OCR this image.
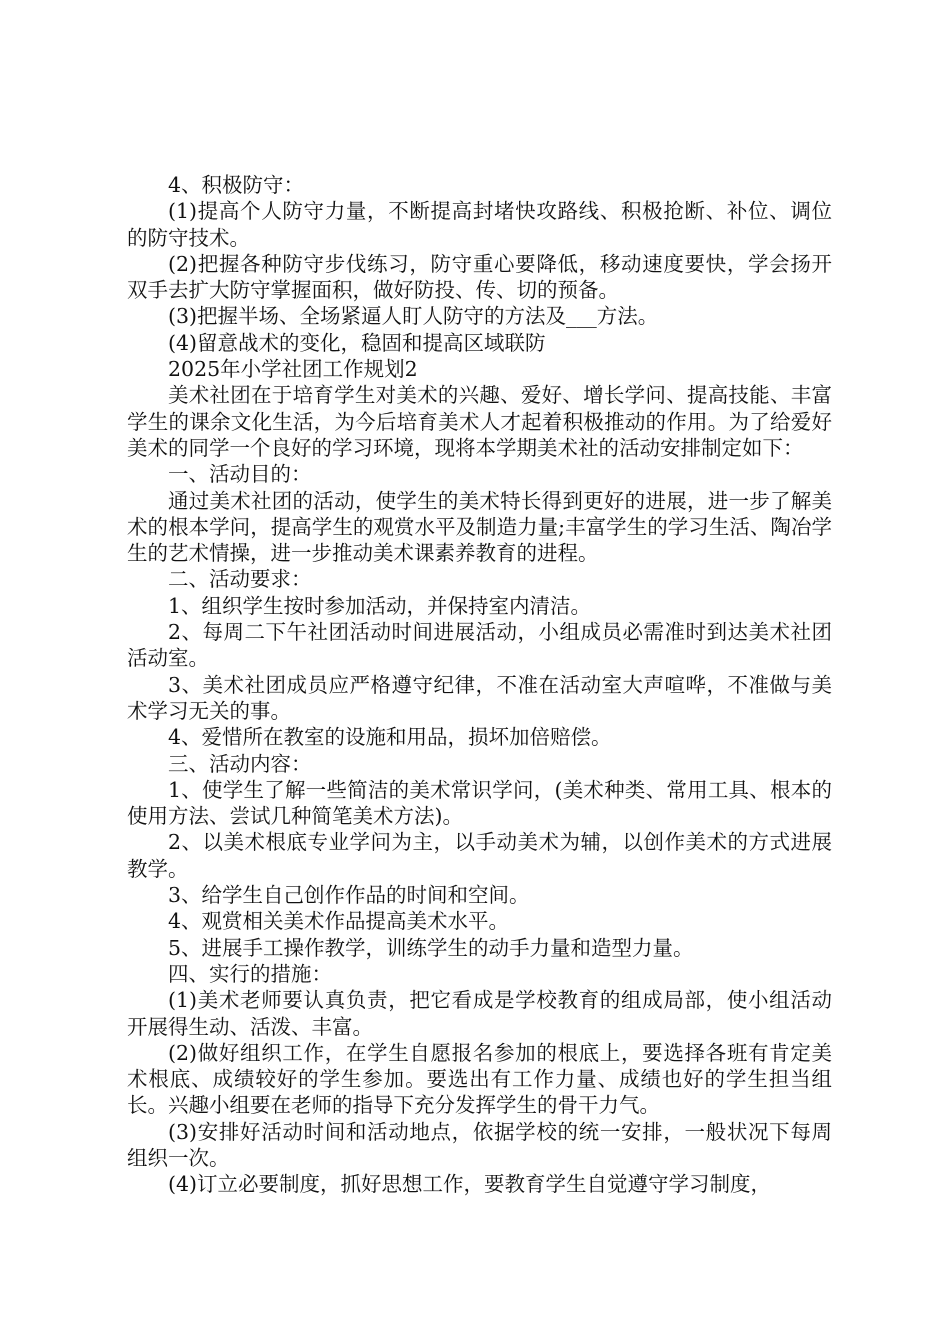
4、积极防守：

(1)提高个人防守力量，不断提高封堵快攻路线、积极抢断、补位、调位的防守技术。

(2)把握各种防守步伐练习，防守重心要降低，移动速度要快，学会扬开双手去扩大防守掌握面积，做好防投、传、切的预备。

(3)把握半场、全场紧逼人盯人防守的方法及___方法。

(4)留意战术的变化，稳固和提高区域联防

2025年小学社团工作规划2

美术社团在于培育学生对美术的兴趣、爱好、增长学问、提高技能、丰富学生的课余文化生活，为今后培育美术人才起着积极推动的作用。为了给爱好美术的同学一个良好的学习环境，现将本学期美术社的活动安排制定如下：

一、活动目的：

通过美术社团的活动，使学生的美术特长得到更好的进展，进一步了解美术的根本学问，提高学生的观赏水平及制造力量;丰富学生的学习生活、陶冶学生的艺术情操，进一步推动美术课素养教育的进程。

二、活动要求：

1、组织学生按时参加活动，并保持室内清洁。

2、每周二下午社团活动时间进展活动，小组成员必需准时到达美术社团活动室。

3、美术社团成员应严格遵守纪律，不准在活动室大声喧哗，不准做与美术学习无关的事。

4、爱惜所在教室的设施和用品，损坏加倍赔偿。

三、活动内容：

1、使学生了解一些简洁的美术常识学问，(美术种类、常用工具、根本的使用方法、尝试几种简笔美术方法)。

2、以美术根底专业学问为主，以手动美术为辅，以创作美术的方式进展教学。

3、给学生自己创作作品的时间和空间。

4、观赏相关美术作品提高美术水平。

5、进展手工操作教学，训练学生的动手力量和造型力量。

四、实行的措施：

(1)美术老师要认真负责，把它看成是学校教育的组成局部，使小组活动开展得生动、活泼、丰富。

(2)做好组织工作，在学生自愿报名参加的根底上，要选择各班有肯定美术根底、成绩较好的学生参加。要选出有工作力量、成绩也好的学生担当组长。兴趣小组要在老师的指导下充分发挥学生的骨干力气。

(3)安排好活动时间和活动地点，依据学校的统一安排，一般状况下每周组织一次。

(4)订立必要制度，抓好思想工作，要教育学生自觉遵守学习制度，
